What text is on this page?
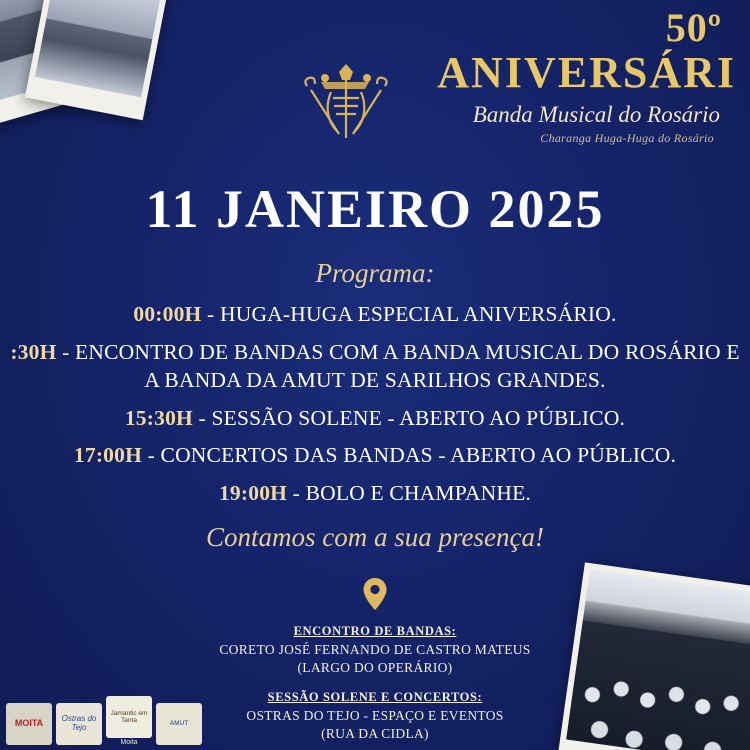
50º
ANIVERSÁRI
Banda Musical do Rosário
Charanga Huga-Huga do Rosário
11 JANEIRO 2025
Programa:

00:00H - HUGA-HUGA ESPECIAL ANIVERSÁRIO.

:30H - ENCONTRO DE BANDAS COM A BANDA MUSICAL DO ROSÁRIO E A BANDA DA AMUT DE SARILHOS GRANDES.

15:30H - SESSÃO SOLENE - ABERTO AO PÚBLICO.

17:00H - CONCERTOS DAS BANDAS - ABERTO AO PÚBLICO.

19:00H - BOLO E CHAMPANHE.

Contamos com a sua presença!

ENCONTRO DE BANDAS:

CORETO JOSÉ FERNANDO DE CASTRO MATEUS

(LARGO DO OPERÁRIO)

SESSÃO SOLENE E CONCERTOS:

OSTRAS DO TEJO - ESPAÇO E EVENTOS

(RUA DA CIDLA)

MOITA	Ostras do Tejo
Jamantic em Tanta
Moita
AMUT
